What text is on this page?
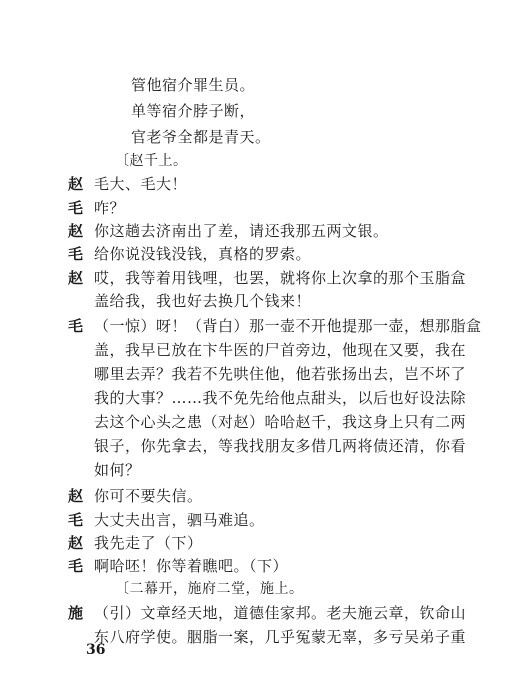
管他宿介罪生员。
单等宿介脖子断，
官老爷全都是青天。
〔赵千上。
赵 毛大、毛大！
毛 咋？
赵 你这趟去济南出了差，请还我那五两文银。
毛 给你说没钱没钱，真格的罗索。
赵 哎，我等着用钱哩，也罢，就将你上次拿的那个玉脂盒
盖给我，我也好去换几个钱来！
毛 （一惊）呀！（背白）那一壶不开他提那一壶，想那脂盒
盖，我早已放在卞牛医的尸首旁边，他现在又要，我在
哪里去弄？我若不先哄住他，他若张扬出去，岂不坏了
我的大事？……我不免先给他点甜头，以后也好设法除
去这个心头之患（对赵）哈哈赵千，我这身上只有二两
银子，你先拿去，等我找朋友多借几两将债还清，你看
如何？
赵 你可不要失信。
毛 大丈夫出言，驷马难追。
赵 我先走了（下）
毛 啊哈呸！你等着瞧吧。（下）
〔二幕开，施府二堂，施上。
施 （引）文章经天地，道德佳家邦。老夫施云章，钦命山
东八府学使。胭脂一案，几乎冤蒙无辜，多亏吴弟子重
36
